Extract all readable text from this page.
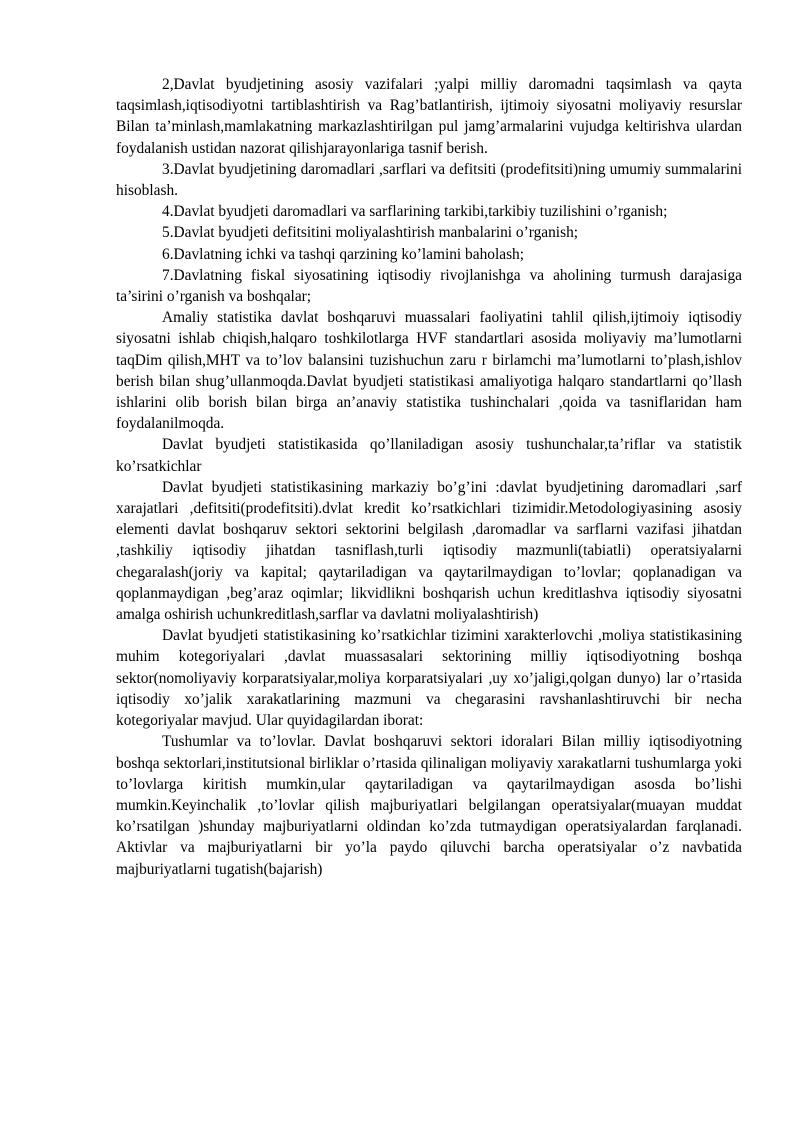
2,Davlat byudjetining asosiy vazifalari ;yalpi milliy daromadni taqsimlash va qayta taqsimlash,iqtisodiyotni tartiblashtirish va Rag’batlantirish, ijtimoiy siyosatni moliyaviy resurslar Bilan ta’minlash,mamlakatning markazlashtirilgan pul jamg’armalarini vujudga keltirishva ulardan foydalanish ustidan nazorat qilishjarayonlariga tasnif berish.

3.Davlat byudjetining daromadlari ,sarflari va defitsiti (prodefitsiti)ning umumiy summalarini hisoblash.

4.Davlat byudjeti daromadlari va sarflarining tarkibi,tarkibiy tuzilishini o’rganish;

5.Davlat byudjeti defitsitini moliyalashtirish manbalarini o’rganish;

6.Davlatning ichki va tashqi qarzining ko’lamini baholash;

7.Davlatning fiskal siyosatining iqtisodiy rivojlanishga va aholining turmush darajasiga ta’sirini o’rganish va boshqalar;

Amaliy statistika davlat boshqaruvi muassalari faoliyatini tahlil qilish,ijtimoiy iqtisodiy siyosatni ishlab chiqish,halqaro toshkilotlarga HVF standartlari asosida moliyaviy ma’lumotlarni taqDim qilish,MHT va to’lov balansini tuzishuchun zaru r birlamchi ma’lumotlarni to’plash,ishlov berish bilan shug’ullanmoqda.Davlat byudjeti statistikasi amaliyotiga halqaro standartlarni qo’llash ishlarini olib borish bilan birga an’anaviy statistika tushinchalari ,qoida va tasniflaridan ham foydalanilmoqda.

Davlat byudjeti statistikasida qo’llaniladigan asosiy tushunchalar,ta’riflar va statistik ko’rsatkichlar

Davlat byudjeti statistikasining markaziy bo’g’ini :davlat byudjetining daromadlari ,sarf xarajatlari ,defitsiti(prodefitsiti).dvlat kredit ko’rsatkichlari tizimidir.Metodologiyasining asosiy elementi davlat boshqaruv sektori sektorini belgilash ,daromadlar va sarflarni vazifasi jihatdan ,tashkiliy iqtisodiy jihatdan tasniflash,turli iqtisodiy mazmunli(tabiatli) operatsiyalarni chegaralash(joriy va kapital; qaytariladigan va qaytarilmaydigan to’lovlar; qoplanadigan va qoplanmaydigan ,beg’araz oqimlar; likvidlikni boshqarish uchun kreditlashva iqtisodiy siyosatni amalga oshirish uchunkreditlash,sarflar va davlatni moliyalashtirish)

Davlat byudjeti statistikasining ko’rsatkichlar tizimini xarakterlovchi ,moliya statistikasining muhim kotegoriyalari ,davlat muassasalari sektorining milliy iqtisodiyotning boshqa sektor(nomoliyaviy korparatsiyalar,moliya korparatsiyalari ,uy xo’jaligi,qolgan dunyo) lar o’rtasida iqtisodiy xo’jalik xarakatlarining mazmuni va chegarasini ravshanlashtiruvchi bir necha kotegoriyalar mavjud. Ular quyidagilardan iborat:

Tushumlar va to’lovlar. Davlat boshqaruvi sektori idoralari Bilan milliy iqtisodiyotning boshqa sektorlari,institutsional birliklar o’rtasida qilinaligan moliyaviy xarakatlarni tushumlarga yoki to’lovlarga kiritish mumkin,ular qaytariladigan va qaytarilmaydigan asosda bo’lishi mumkin.Keyinchalik ,to’lovlar qilish majburiyatlari belgilangan operatsiyalar(muayan muddat ko’rsatilgan )shunday majburiyatlarni oldindan ko’zda tutmaydigan operatsiyalardan farqlanadi. Aktivlar va majburiyatlarni bir yo’la paydo qiluvchi barcha operatsiyalar o’z navbatida majburiyatlarni tugatish(bajarish)
